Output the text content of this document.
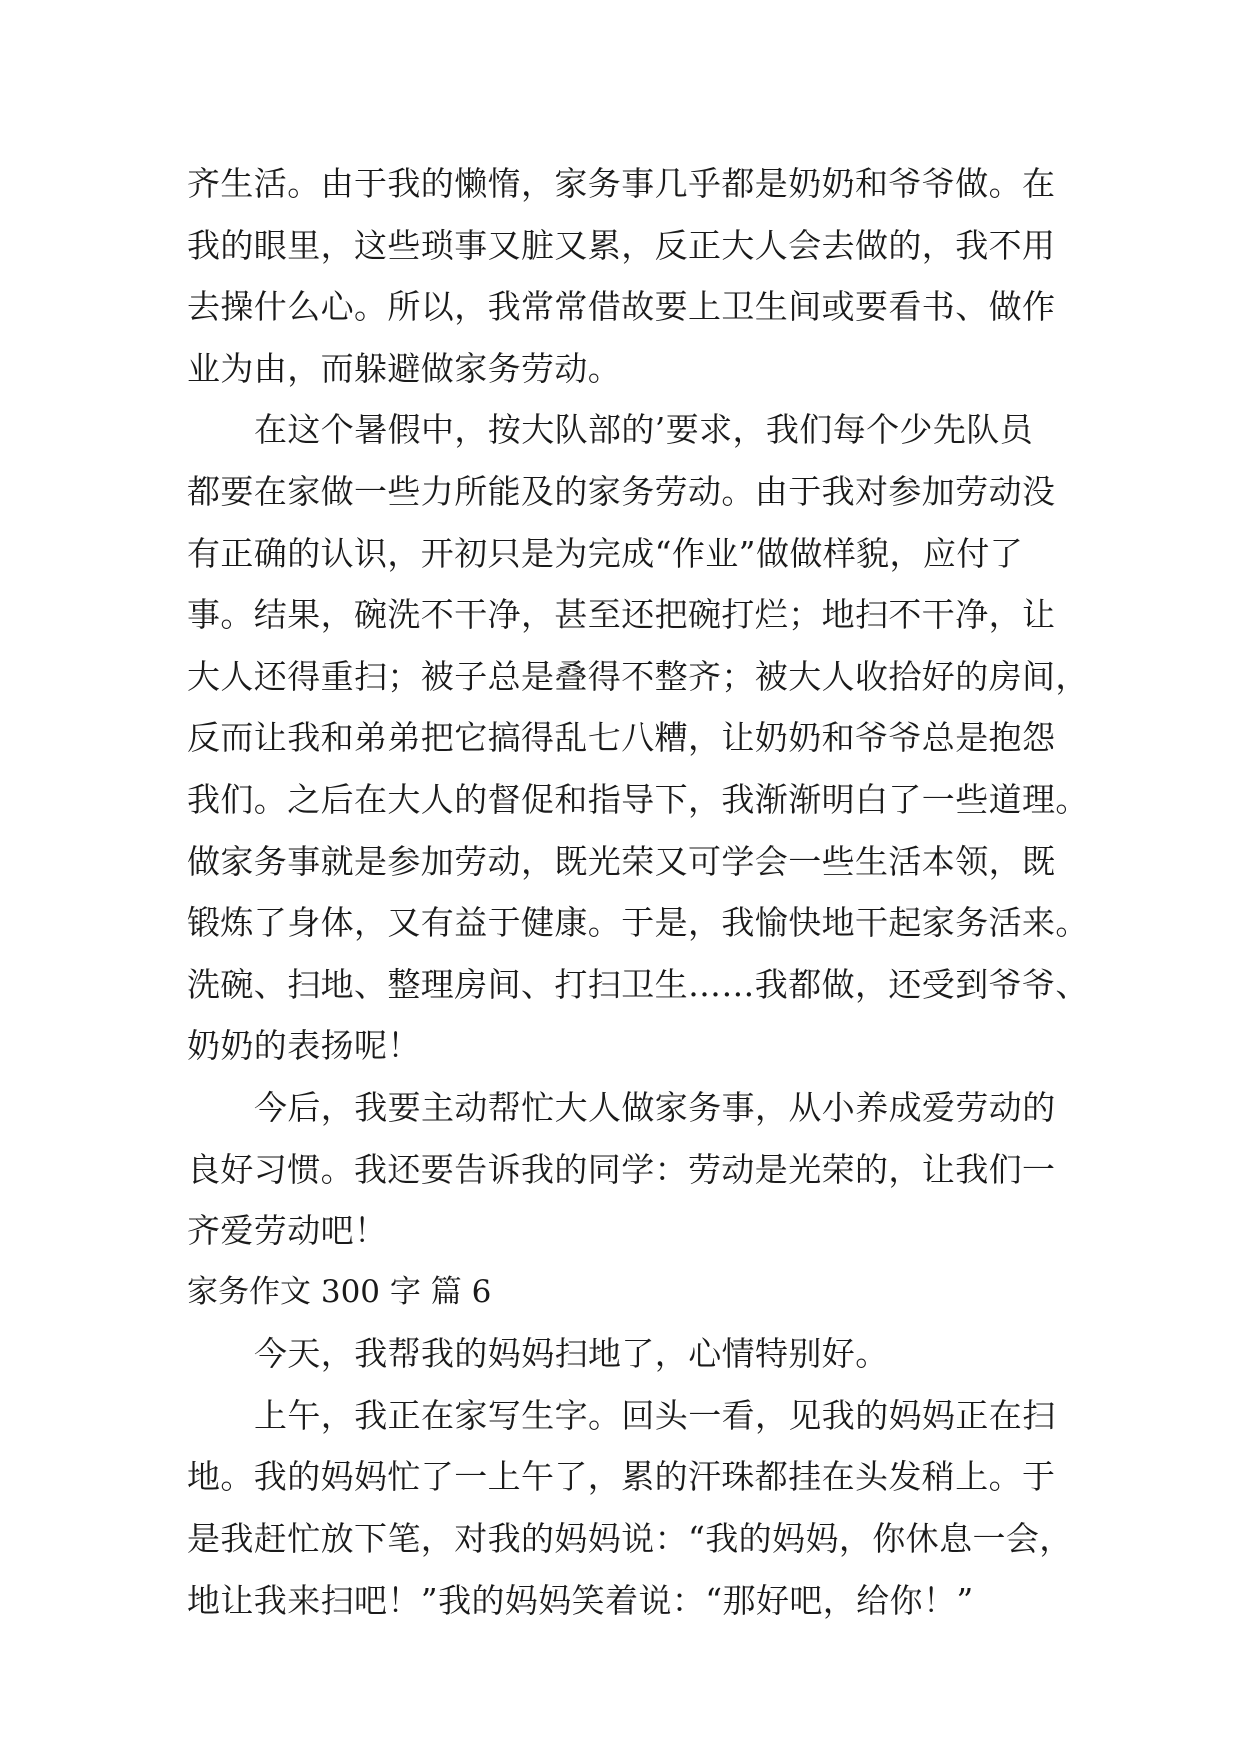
齐生活。由于我的懒惰，家务事几乎都是奶奶和爷爷做。在
我的眼里，这些琐事又脏又累，反正大人会去做的，我不用
去操什么心。所以，我常常借故要上卫生间或要看书、做作
业为由，而躲避做家务劳动。
在这个暑假中，按大队部的’要求，我们每个少先队员
都要在家做一些力所能及的家务劳动。由于我对参加劳动没
有正确的认识，开初只是为完成“作业”做做样貌，应付了
事。结果，碗洗不干净，甚至还把碗打烂；地扫不干净，让
大人还得重扫；被子总是叠得不整齐；被大人收拾好的房间，
反而让我和弟弟把它搞得乱七八糟，让奶奶和爷爷总是抱怨
我们。之后在大人的督促和指导下，我渐渐明白了一些道理。
做家务事就是参加劳动，既光荣又可学会一些生活本领，既
锻炼了身体，又有益于健康。于是，我愉快地干起家务活来。
洗碗、扫地、整理房间、打扫卫生……我都做，还受到爷爷、
奶奶的表扬呢！
今后，我要主动帮忙大人做家务事，从小养成爱劳动的
良好习惯。我还要告诉我的同学：劳动是光荣的，让我们一
齐爱劳动吧！
家务作文 300 字 篇 6
今天，我帮我的妈妈扫地了，心情特别好。
上午，我正在家写生字。回头一看，见我的妈妈正在扫
地。我的妈妈忙了一上午了，累的汗珠都挂在头发稍上。于
是我赶忙放下笔，对我的妈妈说：“我的妈妈，你休息一会，
地让我来扫吧！”我的妈妈笑着说：“那好吧，给你！”
